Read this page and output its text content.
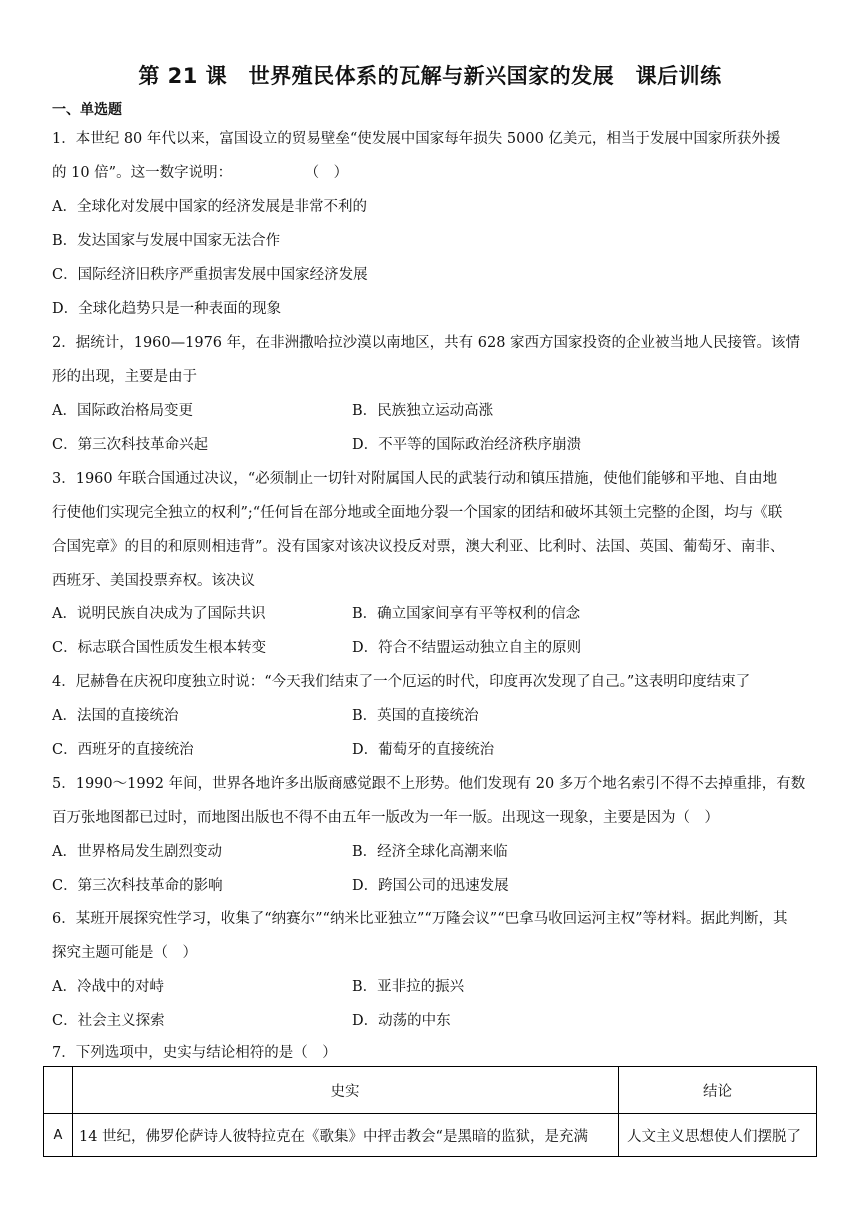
第 21 课　世界殖民体系的瓦解与新兴国家的发展　课后训练
一、单选题
1．本世纪 80 年代以来，富国设立的贸易壁垒“使发展中国家每年损失 5000 亿美元，相当于发展中国家所获外援
的 10 倍”。这一数字说明：　　　　　　（　）
A．全球化对发展中国家的经济发展是非常不利的
B．发达国家与发展中国家无法合作
C．国际经济旧秩序严重损害发展中国家经济发展
D．全球化趋势只是一种表面的现象
2．据统计，1960—1976 年，在非洲撒哈拉沙漠以南地区，共有 628 家西方国家投资的企业被当地人民接管。该情
形的出现，主要是由于
A．国际政治格局变更	B．民族独立运动高涨
C．第三次科技革命兴起	D．不平等的国际政治经济秩序崩溃
3．1960 年联合国通过决议，“必须制止一切针对附属国人民的武装行动和镇压措施，使他们能够和平地、自由地
行使他们实现完全独立的权利”;“任何旨在部分地或全面地分裂一个国家的团结和破坏其领土完整的企图，均与《联
合国宪章》的目的和原则相违背”。没有国家对该决议投反对票，澳大利亚、比利时、法国、英国、葡萄牙、南非、
西班牙、美国投票弃权。该决议
A．说明民族自决成为了国际共识	B．确立国家间享有平等权利的信念
C．标志联合国性质发生根本转变	D．符合不结盟运动独立自主的原则
4．尼赫鲁在庆祝印度独立时说：“今天我们结束了一个厄运的时代，印度再次发现了自己。”这表明印度结束了
A．法国的直接统治	B．英国的直接统治
C．西班牙的直接统治	D．葡萄牙的直接统治
5．1990～1992 年间，世界各地许多出版商感觉跟不上形势。他们发现有 20 多万个地名索引不得不去掉重排，有数
百万张地图都已过时，而地图出版也不得不由五年一版改为一年一版。出现这一现象，主要是因为（　）
A．世界格局发生剧烈变动	B．经济全球化高潮来临
C．第三次科技革命的影响	D．跨国公司的迅速发展
6．某班开展探究性学习，收集了“纳赛尔”“纳米比亚独立”“万隆会议”“巴拿马收回运河主权”等材料。据此判断，其
探究主题可能是（　）
A．冷战中的对峙	B．亚非拉的振兴
C．社会主义探索	D．动荡的中东
7．下列选项中，史实与结论相符的是（　）
	史实	结论
A	14 世纪，佛罗伦萨诗人彼特拉克在《歌集》中抨击教会“是黑暗的监狱，是充满	人文主义思想使人们摆脱了
